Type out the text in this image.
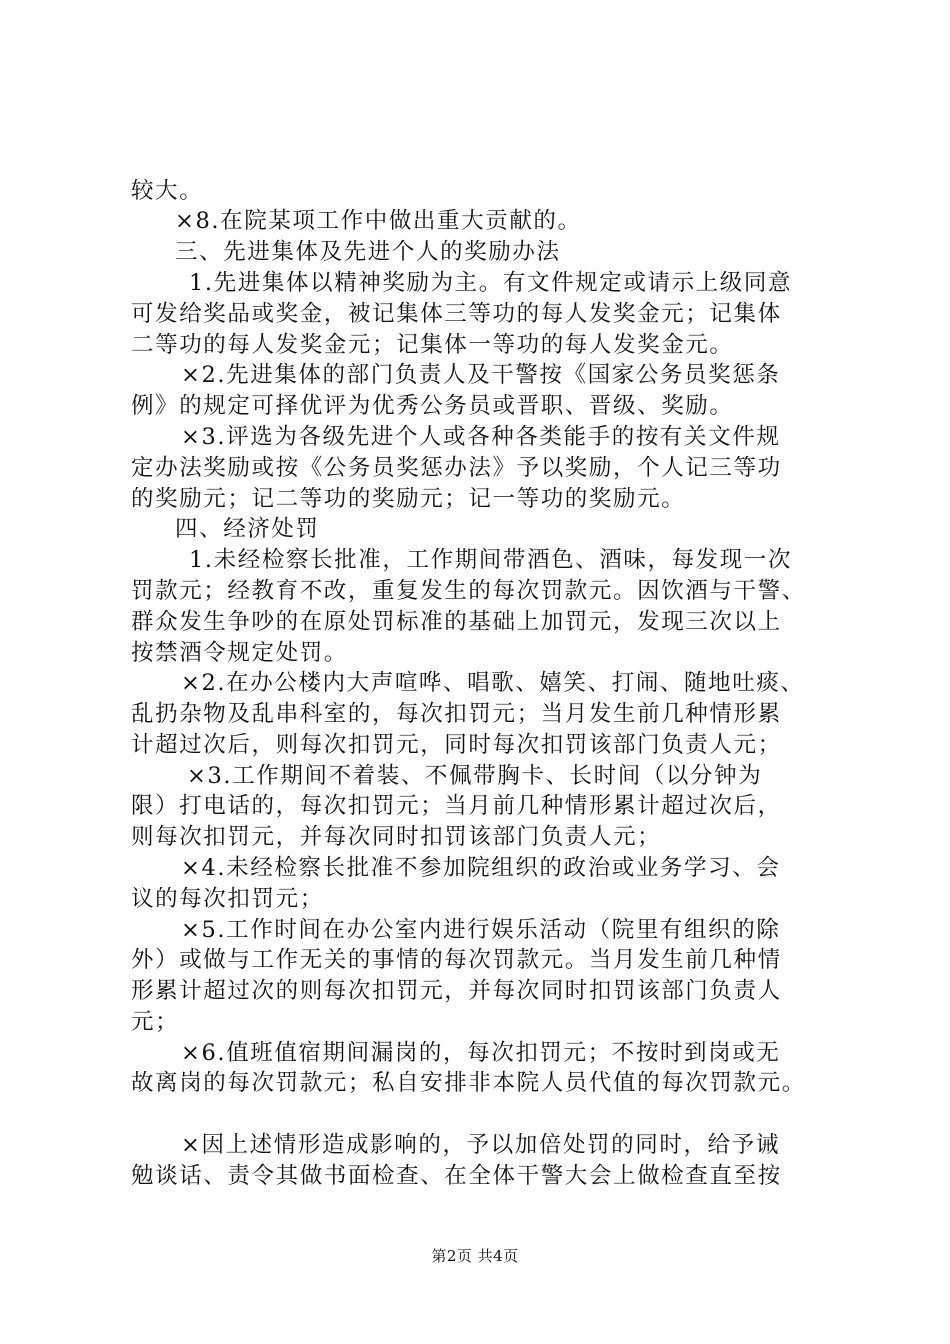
较大。
×8.在院某项工作中做出重大贡献的。
三、先进集体及先进个人的奖励办法
1.先进集体以精神奖励为主。有文件规定或请示上级同意
可发给奖品或奖金，被记集体三等功的每人发奖金元；记集体
二等功的每人发奖金元；记集体一等功的每人发奖金元。
×2.先进集体的部门负责人及干警按《国家公务员奖惩条
例》的规定可择优评为优秀公务员或晋职、晋级、奖励。
×3.评选为各级先进个人或各种各类能手的按有关文件规
定办法奖励或按《公务员奖惩办法》予以奖励，个人记三等功
的奖励元；记二等功的奖励元；记一等功的奖励元。
四、经济处罚
1.未经检察长批准，工作期间带酒色、酒味，每发现一次
罚款元；经教育不改，重复发生的每次罚款元。因饮酒与干警、
群众发生争吵的在原处罚标准的基础上加罚元，发现三次以上
按禁酒令规定处罚。
×2.在办公楼内大声喧哗、唱歌、嬉笑、打闹、随地吐痰、
乱扔杂物及乱串科室的，每次扣罚元；当月发生前几种情形累
计超过次后，则每次扣罚元，同时每次扣罚该部门负责人元；
×3.工作期间不着装、不佩带胸卡、长时间（以分钟为
限）打电话的，每次扣罚元；当月前几种情形累计超过次后，
则每次扣罚元，并每次同时扣罚该部门负责人元；
×4.未经检察长批准不参加院组织的政治或业务学习、会
议的每次扣罚元；
×5.工作时间在办公室内进行娱乐活动（院里有组织的除
外）或做与工作无关的事情的每次罚款元。当月发生前几种情
形累计超过次的则每次扣罚元，并每次同时扣罚该部门负责人
元；
×6.值班值宿期间漏岗的，每次扣罚元；不按时到岗或无
故离岗的每次罚款元；私自安排非本院人员代值的每次罚款元。
×因上述情形造成影响的，予以加倍处罚的同时，给予诫
勉谈话、责令其做书面检查、在全体干警大会上做检查直至按
第2页 共4页
